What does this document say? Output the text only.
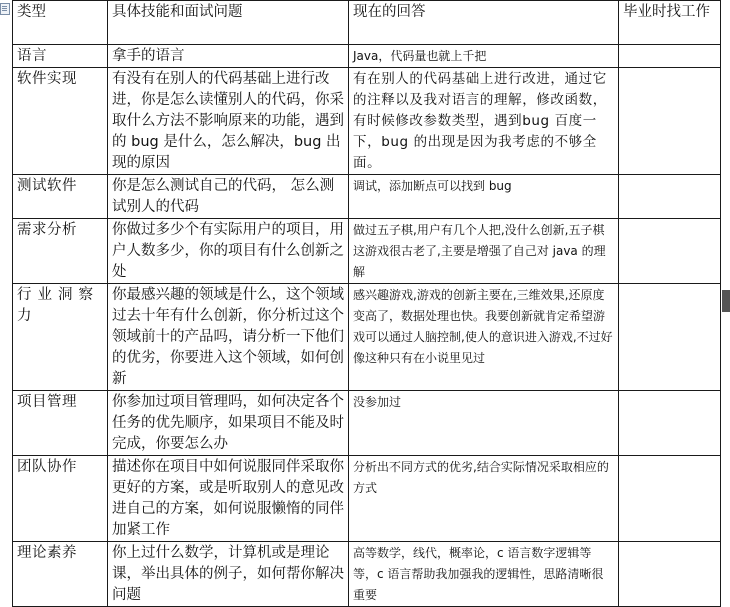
类型	具体技能和面试问题	现在的回答	毕业时找工作
语言	拿手的语言	Java，代码量也就上千把	
软件实现	有没有在别人的代码基础上进行改进，你是怎么读懂别人的代码，你采取什么方法不影响原来的功能，遇到的 bug 是什么，怎么解决，bug 出现的原因	有在别人的代码基础上进行改进，通过它的注释以及我对语言的理解，修改函数，有时候修改参数类型，遇到bug 百度一下，bug 的出现是因为我考虑的不够全面。	
测试软件	你是怎么测试自己的代码， 怎么测试别人的代码	调试，添加断点可以找到 bug	
需求分析	你做过多少个有实际用户的项目，用户人数多少，你的项目有什么创新之处	做过五子棋,用户有几个人把,没什么创新,五子棋这游戏很古老了,主要是增强了自己对 java 的理解	
行业洞察力	你最感兴趣的领域是什么，这个领域过去十年有什么创新，你分析过这个领域前十的产品吗，请分析一下他们的优劣，你要进入这个领域，如何创新	感兴趣游戏,游戏的创新主要在,三维效果,还原度变高了，数据处理也快。我要创新就肯定希望游戏可以通过人脑控制,使人的意识进入游戏,不过好像这种只有在小说里见过	
项目管理	你参加过项目管理吗，如何决定各个任务的优先顺序，如果项目不能及时完成，你要怎么办	没参加过	
团队协作	描述你在项目中如何说服同伴采取你更好的方案，或是听取别人的意见改进自己的方案，如何说服懒惰的同伴加紧工作	分析出不同方式的优劣,结合实际情况采取相应的方式	
理论素养	你上过什么数学，计算机或是理论课，举出具体的例子，如何帮你解决问题	高等数学，线代，概率论，c 语言数字逻辑等等，c 语言帮助我加强我的逻辑性，思路清晰很重要	
